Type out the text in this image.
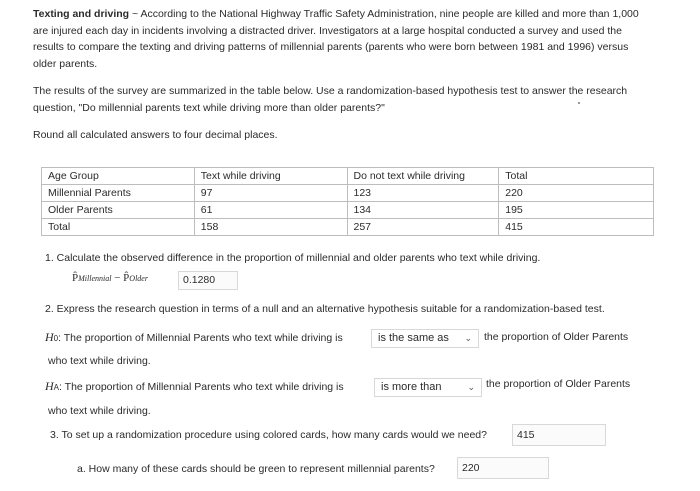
Texting and driving ~ According to the National Highway Traffic Safety Administration, nine people are killed and more than 1,000 are injured each day in incidents involving a distracted driver. Investigators at a large hospital conducted a survey and used the results to compare the texting and driving patterns of millennial parents (parents who were born between 1981 and 1996) versus older parents.
The results of the survey are summarized in the table below. Use a randomization-based hypothesis test to answer the research question, "Do millennial parents text while driving more than older parents?"
Round all calculated answers to four decimal places.
Age Group	Text while driving	Do not text while driving	Total
Millennial Parents	97	123	220
Older Parents	61	134	195
Total	158	257	415
1. Calculate the observed difference in the proportion of millennial and older parents who text while driving.
P̂Millennial − P̂Older	0.1280
2. Express the research question in terms of a null and an alternative hypothesis suitable for a randomization-based test.
H0: The proportion of Millennial Parents who text while driving is	is the same as ⌄ the proportion of Older Parents
who text while driving.
HA: The proportion of Millennial Parents who text while driving is	is more than	⌄ the proportion of Older Parents
who text while driving.
3. To set up a randomization procedure using colored cards, how many cards would we need?	415
a. How many of these cards should be green to represent millennial parents?	220
